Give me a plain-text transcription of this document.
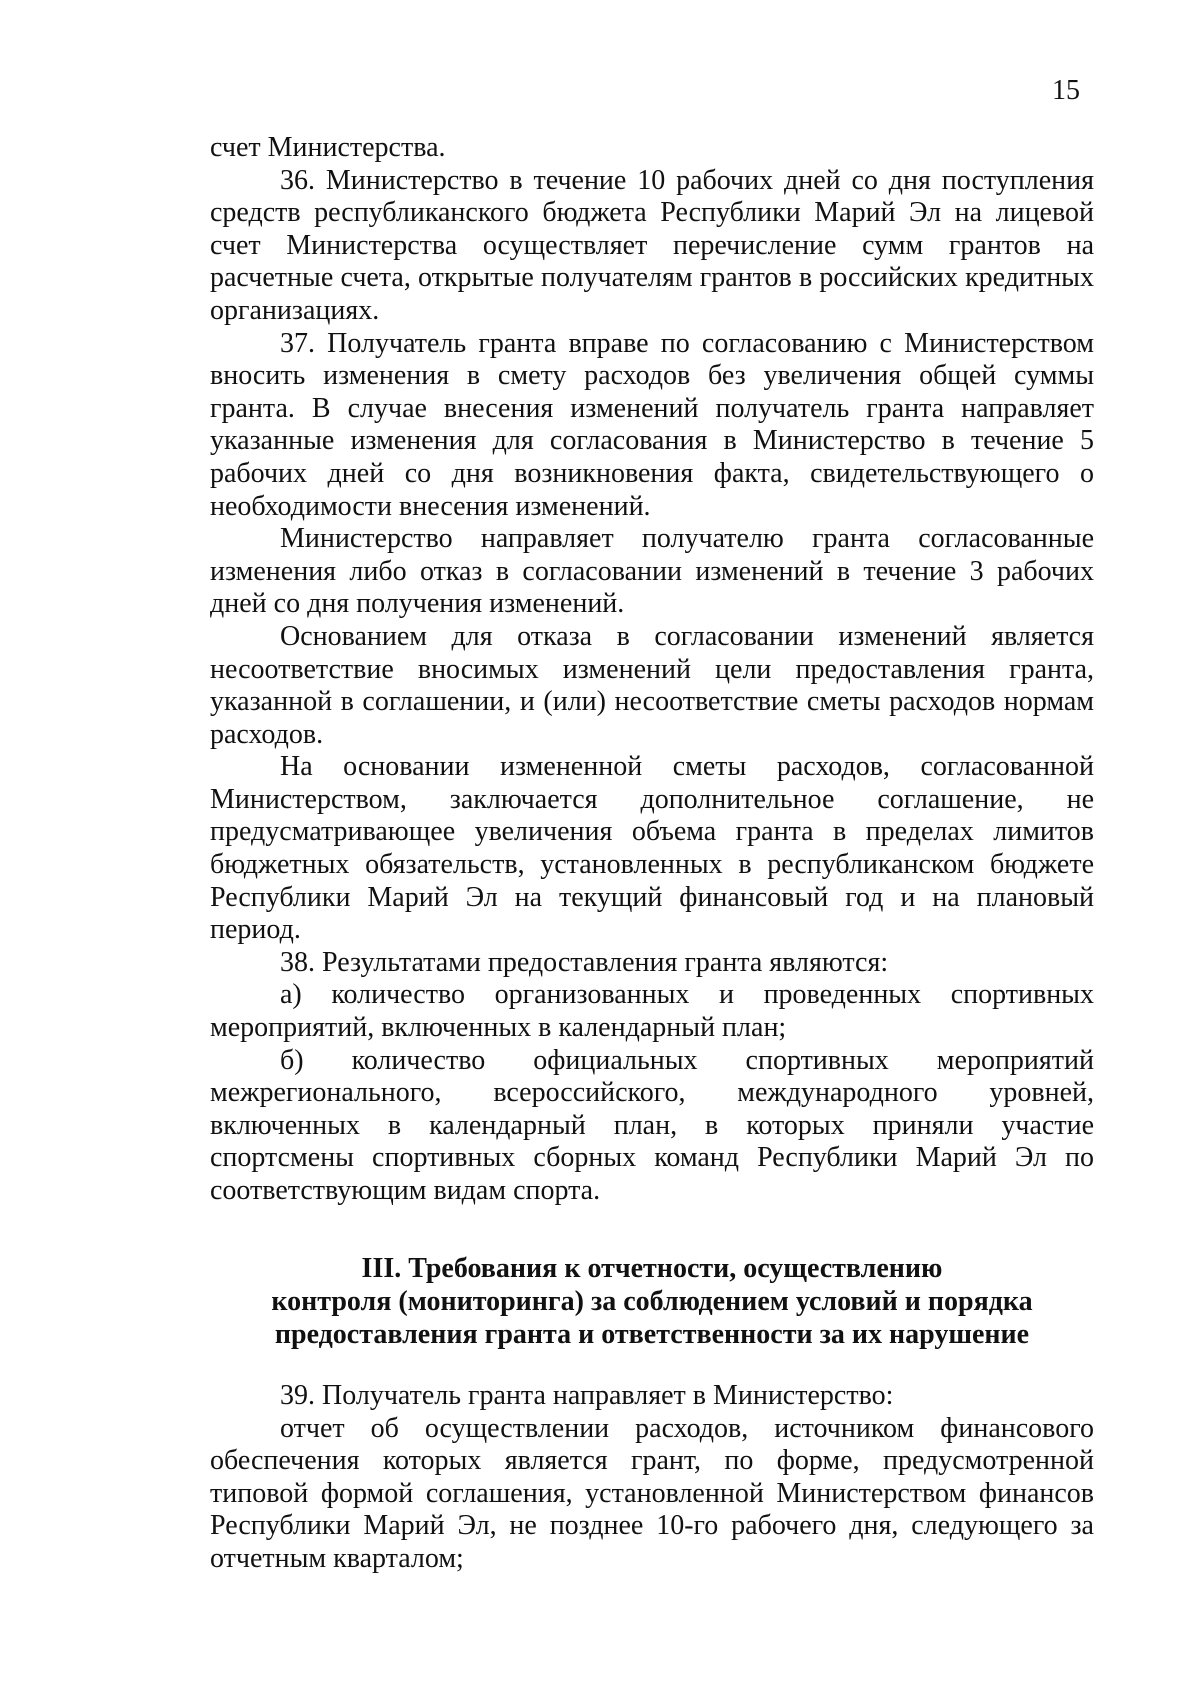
15

счет Министерства.

36. Министерство в течение 10 рабочих дней со дня поступления средств республиканского бюджета Республики Марий Эл на лицевой счет Министерства осуществляет перечисление сумм грантов на расчетные счета, открытые получателям грантов в российских кредитных организациях.

37. Получатель гранта вправе по согласованию с Министерством вносить изменения в смету расходов без увеличения общей суммы гранта. В случае внесения изменений получатель гранта направляет указанные изменения для согласования в Министерство в течение 5 рабочих дней со дня возникновения факта, свидетельствующего о необходимости внесения изменений.

Министерство направляет получателю гранта согласованные изменения либо отказ в согласовании изменений в течение 3 рабочих дней со дня получения изменений.

Основанием для отказа в согласовании изменений является несоответствие вносимых изменений цели предоставления гранта, указанной в соглашении, и (или) несоответствие сметы расходов нормам расходов.

На основании измененной сметы расходов, согласованной Министерством, заключается дополнительное соглашение, не предусматривающее увеличения объема гранта в пределах лимитов бюджетных обязательств, установленных в республиканском бюджете Республики Марий Эл на текущий финансовый год и на плановый период.

38. Результатами предоставления гранта являются:

а) количество организованных и проведенных спортивных мероприятий, включенных в календарный план;

б) количество официальных спортивных мероприятий межрегионального, всероссийского, международного уровней, включенных в календарный план, в которых приняли участие спортсмены спортивных сборных команд Республики Марий Эл по соответствующим видам спорта.

III. Требования к отчетности, осуществлению
контроля (мониторинга) за соблюдением условий и порядка
предоставления гранта и ответственности за их нарушение

39. Получатель гранта направляет в Министерство:

отчет об осуществлении расходов, источником финансового обеспечения которых является грант, по форме, предусмотренной типовой формой соглашения, установленной Министерством финансов Республики Марий Эл, не позднее 10-го рабочего дня, следующего за отчетным кварталом;
